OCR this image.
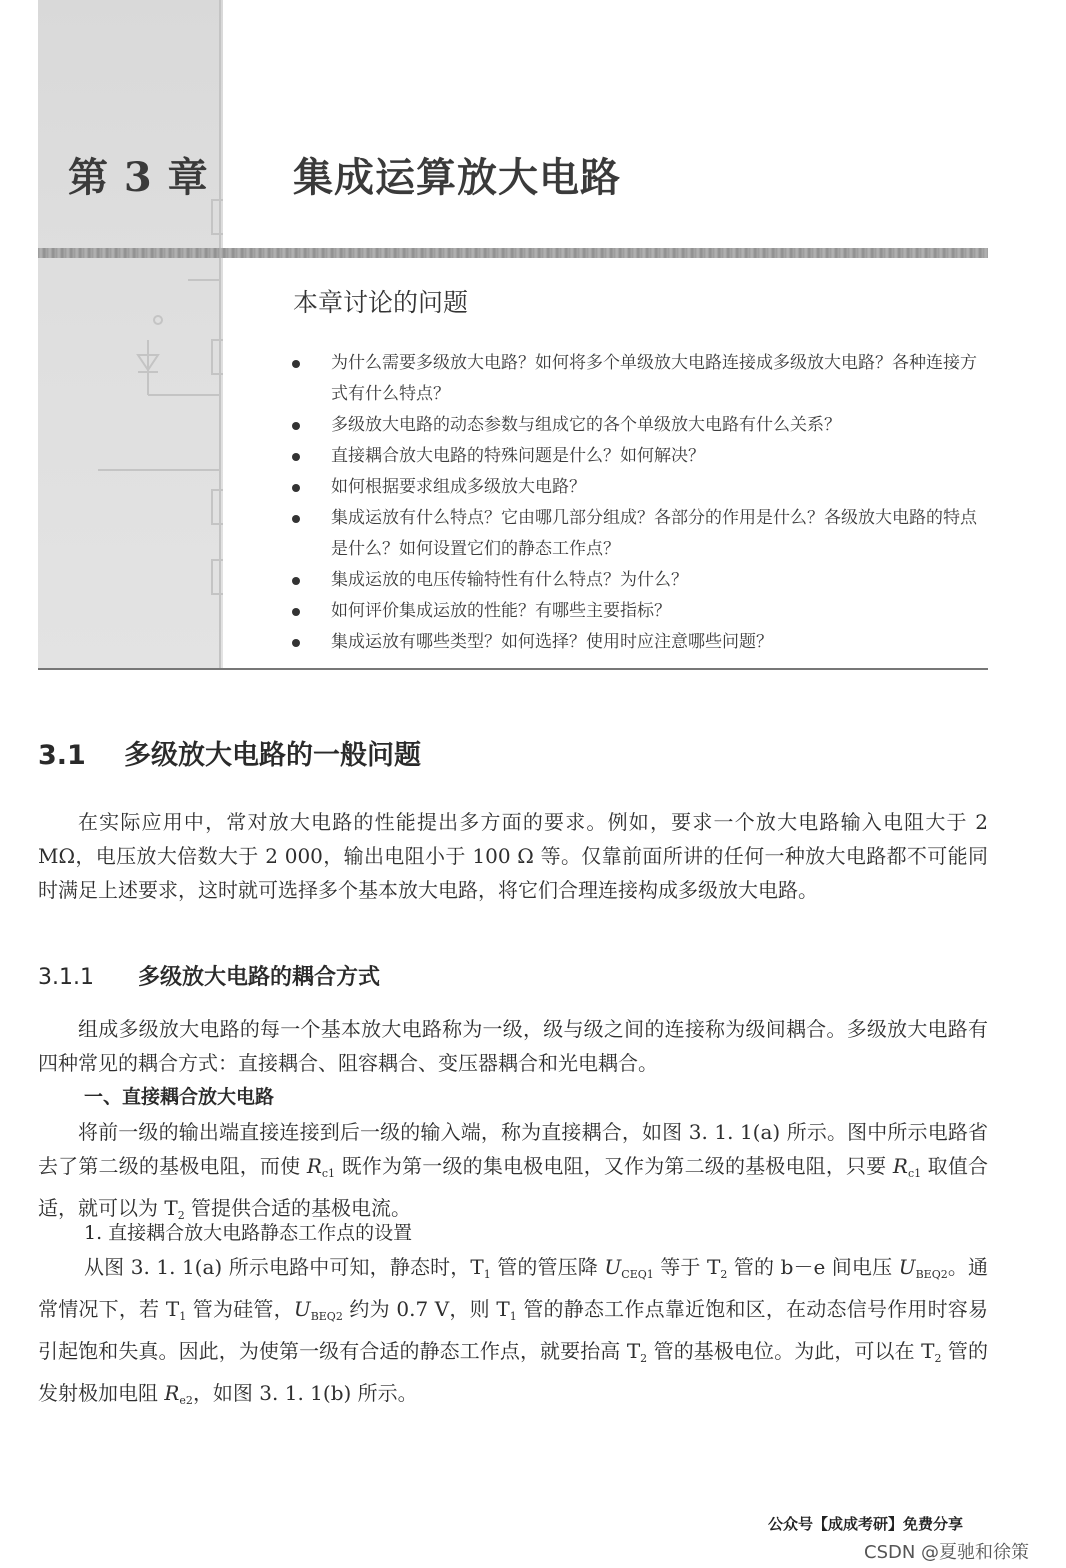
第 3 章 集成运算放大电路
本章讨论的问题
为什么需要多级放大电路？如何将多个单级放大电路连接成多级放大电路？各种连接方式有什么特点？
多级放大电路的动态参数与组成它的各个单级放大电路有什么关系？
直接耦合放大电路的特殊问题是什么？如何解决？
如何根据要求组成多级放大电路？
集成运放有什么特点？它由哪几部分组成？各部分的作用是什么？各级放大电路的特点是什么？如何设置它们的静态工作点？
集成运放的电压传输特性有什么特点？为什么？
如何评价集成运放的性能？有哪些主要指标？
集成运放有哪些类型？如何选择？使用时应注意哪些问题？
3.1 多级放大电路的一般问题

在实际应用中，常对放大电路的性能提出多方面的要求。例如，要求一个放大电路输入电阻大于 2 MΩ，电压放大倍数大于 2 000，输出电阻小于 100 Ω 等。仅靠前面所讲的任何一种放大电路都不可能同时满足上述要求，这时就可选择多个基本放大电路，将它们合理连接构成多级放大电路。

3.1.1 多级放大电路的耦合方式

组成多级放大电路的每一个基本放大电路称为一级，级与级之间的连接称为级间耦合。多级放大电路有四种常见的耦合方式：直接耦合、阻容耦合、变压器耦合和光电耦合。

一、直接耦合放大电路

将前一级的输出端直接连接到后一级的输入端，称为直接耦合，如图 3. 1. 1(a) 所示。图中所示电路省去了第二级的基极电阻，而使 $R_{c1}$ 既作为第一级的集电极电阻，又作为第二级的基极电阻，只要 $R_{c1}$ 取值合适，就可以为 $T_2$ 管提供合适的基极电流。

1. 直接耦合放大电路静态工作点的设置

从图 3. 1. 1(a) 所示电路中可知，静态时，$T_1$ 管的管压降 $U_{CEQ1}$ 等于 $T_2$ 管的 b－e 间电压 $U_{BEQ2}$。通常情况下，若 $T_1$ 管为硅管，$U_{BEQ2}$ 约为 0.7 V，则 $T_1$ 管的静态工作点靠近饱和区，在动态信号作用时容易引起饱和失真。因此，为使第一级有合适的静态工作点，就要抬高 $T_2$ 管的基极电位。为此，可以在 $T_2$ 管的发射极加电阻 $R_{e2}$，如图 3. 1. 1(b) 所示。

公众号【成成考研】免费分享
CSDN @夏驰和徐策
